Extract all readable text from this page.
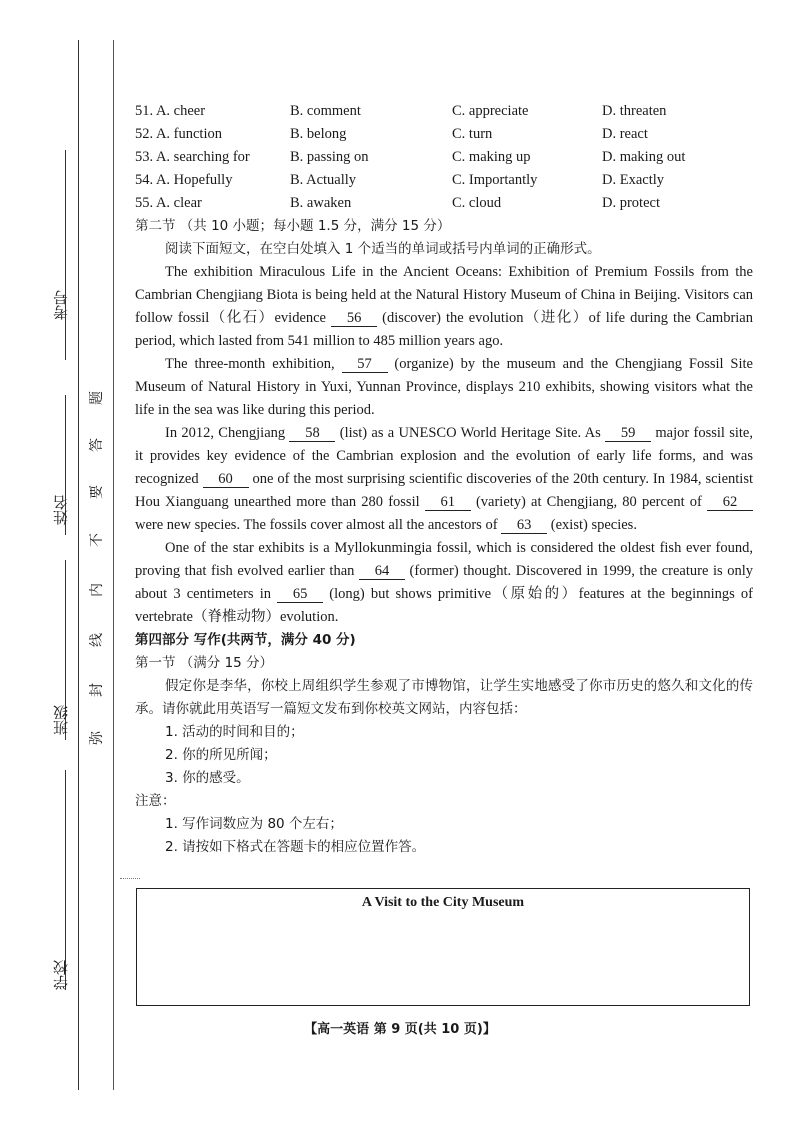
考号
姓名
班级
学校
题
答
要
不
内
线
封
弥
51. A. cheer	B. comment	C. appreciate	D. threaten
52. A. function	B. belong	C. turn	D. react
53. A. searching for	B. passing on	C. making up	D. making out
54. A. Hopefully	B. Actually	C. Importantly	D. Exactly
55. A. clear	B. awaken	C. cloud	D. protect
第二节 （共 10 小题；每小题 1.5 分，满分 15 分）

阅读下面短文，在空白处填入 1 个适当的单词或括号内单词的正确形式。

The exhibition Miraculous Life in the Ancient Oceans: Exhibition of Premium Fossils from the Cambrian Chengjiang Biota is being held at the Natural History Museum of China in Beijing. Visitors can follow fossil（化石）evidence 56 (discover) the evolution（进化）of life during the Cambrian period, which lasted from 541 million to 485 million years ago.

The three-month exhibition, 57 (organize) by the museum and the Chengjiang Fossil Site Museum of Natural History in Yuxi, Yunnan Province, displays 210 exhibits, showing visitors what the life in the sea was like during this period.

In 2012, Chengjiang 58 (list) as a UNESCO World Heritage Site. As 59 major fossil site, it provides key evidence of the Cambrian explosion and the evolution of early life forms, and was recognized 60 one of the most surprising scientific discoveries of the 20th century. In 1984, scientist Hou Xianguang unearthed more than 280 fossil 61 (variety) at Chengjiang, 80 percent of 62 were new species. The fossils cover almost all the ancestors of 63 (exist) species.

One of the star exhibits is a Myllokunmingia fossil, which is considered the oldest fish ever found, proving that fish evolved earlier than 64 (former) thought. Discovered in 1999, the creature is only about 3 centimeters in 65 (long) but shows primitive（原始的）features at the beginnings of vertebrate（脊椎动物）evolution.

第四部分 写作(共两节，满分 40 分)
第一节 （满分 15 分）

假定你是李华，你校上周组织学生参观了市博物馆，让学生实地感受了你市历史的悠久和文化的传承。请你就此用英语写一篇短文发布到你校英文网站，内容包括：

1. 活动的时间和目的；
2. 你的所见所闻；
3. 你的感受。
注意：
1. 写作词数应为 80 个左右；
2. 请按如下格式在答题卡的相应位置作答。
A Visit to the City Museum
【高一英语 第 9 页(共 10 页)】
